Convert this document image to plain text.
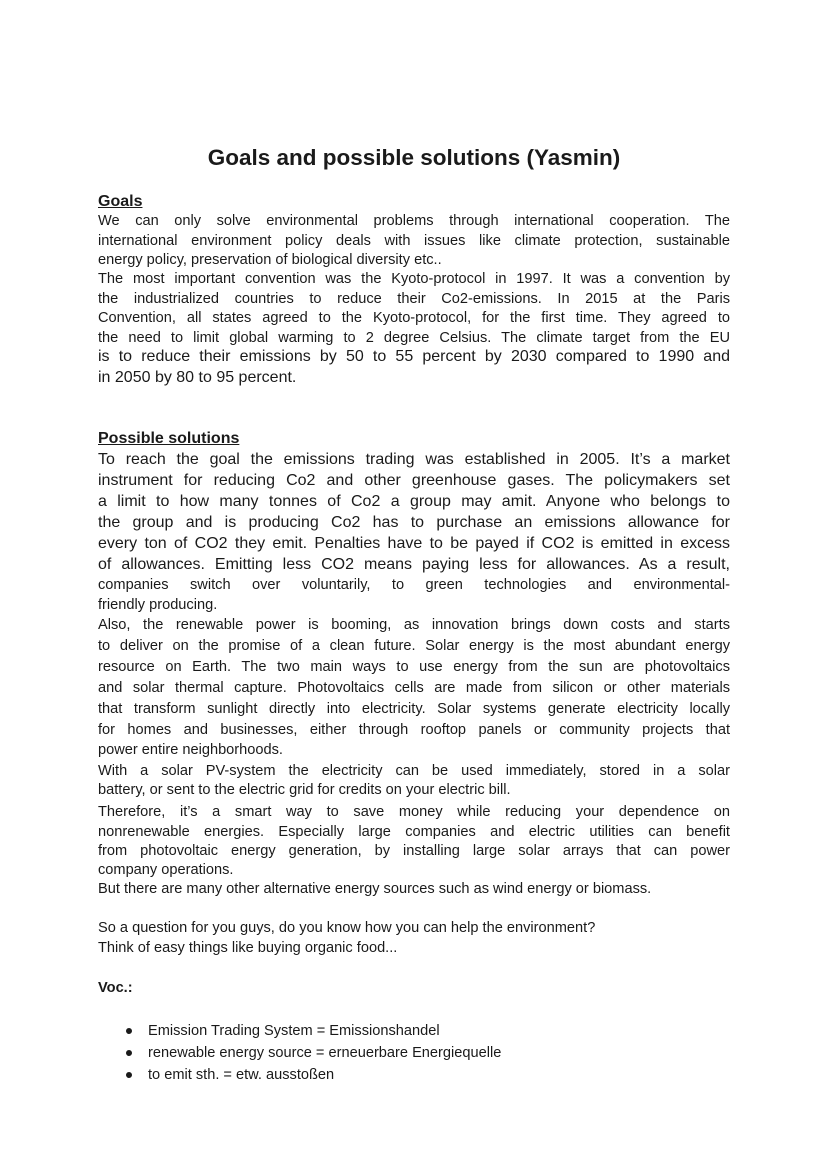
Goals and possible solutions (Yasmin)
Goals

We can only solve environmental problems through international cooperation. The

international environment policy deals with issues like climate protection, sustainable

energy policy, preservation of biological diversity etc..

The most important convention was the Kyoto-protocol in 1997. It was a convention by

the industrialized countries to reduce their Co2-emissions. In 2015 at the Paris

Convention, all states agreed to the Kyoto-protocol, for the first time. They agreed to

the need to limit global warming to 2 degree Celsius. The climate target from the EU

is to reduce their emissions by 50 to 55 percent by 2030 compared to 1990 and

in 2050 by 80 to 95 percent.

Possible solutions

To reach the goal the emissions trading was established in 2005. It’s a market

instrument for reducing Co2 and other greenhouse gases. The policymakers set

a limit to how many tonnes of Co2 a group may amit. Anyone who belongs to

the group and is producing Co2 has to purchase an emissions allowance for

every ton of CO2 they emit. Penalties have to be payed if CO2 is emitted in excess

of allowances. Emitting less CO2 means paying less for allowances. As a result,

companies switch over voluntarily, to green technologies and environmental-

friendly producing.

Also, the renewable power is booming, as innovation brings down costs and starts

to deliver on the promise of a clean future. Solar energy is the most abundant energy

resource on Earth. The two main ways to use energy from the sun are photovoltaics

and solar thermal capture. Photovoltaics cells are made from silicon or other materials

that transform sunlight directly into electricity. Solar systems generate electricity locally

for homes and businesses, either through rooftop panels or community projects that

power entire neighborhoods.

With a solar PV-system the electricity can be used immediately, stored in a solar

battery, or sent to the electric grid for credits on your electric bill.

Therefore, it’s a smart way to save money while reducing your dependence on

nonrenewable energies. Especially large companies and electric utilities can benefit

from photovoltaic energy generation, by installing large solar arrays that can power

company operations.

But there are many other alternative energy sources such as wind energy or biomass.

So a question for you guys, do you know how you can help the environment?

Think of easy things like buying organic food...

Voc.:

Emission Trading System = Emissionshandel
renewable energy source = erneuerbare Energiequelle
to emit sth. = etw. ausstoßen
